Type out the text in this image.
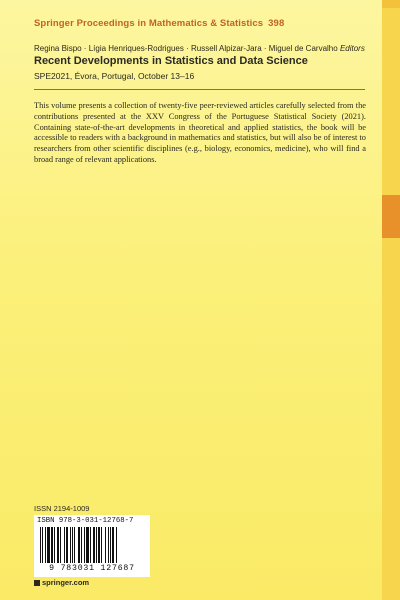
Springer Proceedings in Mathematics & Statistics 398
Regina Bispo · Lígia Henriques-Rodrigues · Russell Alpizar-Jara · Miguel de Carvalho Editors
Recent Developments in Statistics and Data Science
SPE2021, Évora, Portugal, October 13–16
This volume presents a collection of twenty-five peer-reviewed articles carefully selected from the contributions presented at the XXV Congress of the Portuguese Statistical Society (2021). Containing state-of-the-art developments in theoretical and applied statistics, the book will be accessible to readers with a background in mathematics and statistics, but will also be of interest to researchers from other scientific disciplines (e.g., biology, economics, medicine), who will find a broad range of relevant applications.
ISSN 2194-1009
ISBN 978-3-031-12768-7
9 783031 127687
springer.com
